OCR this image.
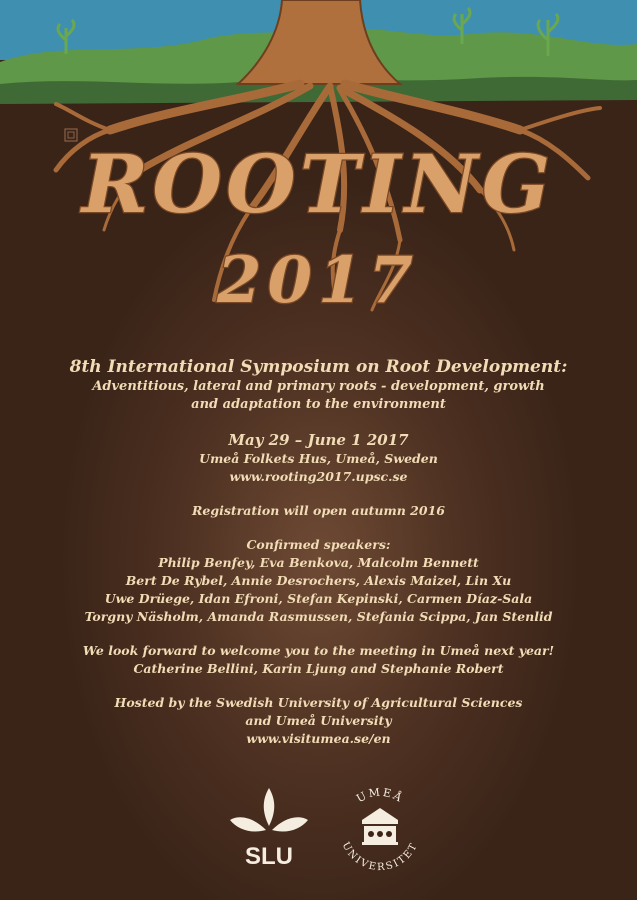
ROOTING
2017
8th International Symposium on Root Development:
Adventitious, lateral and primary roots - development, growth
and adaptation to the environment
May 29 – June 1 2017
Umeå Folkets Hus, Umeå, Sweden
www.rooting2017.upsc.se
Registration will open autumn 2016
Confirmed speakers:
Philip Benfey, Eva Benkova, Malcolm Bennett
Bert De Rybel, Annie Desrochers, Alexis Maizel, Lin Xu
Uwe Drüege, Idan Efroni, Stefan Kepinski, Carmen Díaz-Sala
Torgny Näsholm, Amanda Rasmussen, Stefania Scippa, Jan Stenlid
We look forward to welcome you to the meeting in Umeå next year!
Catherine Bellini, Karin Ljung and Stephanie Robert
Hosted by the Swedish University of Agricultural Sciences
and Umeå University
www.visitumea.se/en
SLU
UMEÅ
UNIVERSITET
